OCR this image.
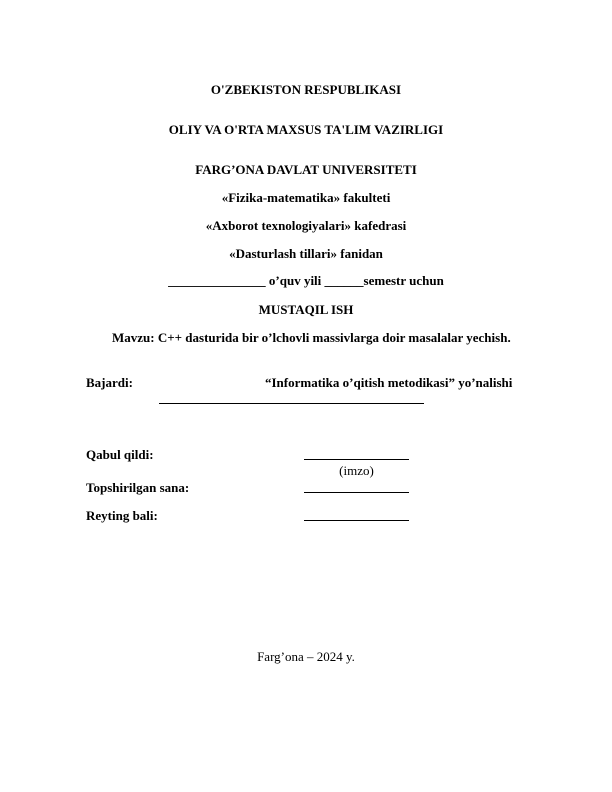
O'ZBEKISTON RESPUBLIKASI
OLIY VA O'RTA MAXSUS TA'LIM VAZIRLIGI
FARG’ONA DAVLAT UNIVERSITETI
«Fizika-matematika» fakulteti
«Axborot texnologiyalari» kafedrasi
«Dasturlash tillari» fanidan
_______________ o’quv yili ______semestr uchun
MUSTAQIL ISH
Mavzu: C++ dasturida bir o’lchovli massivlarga doir masalalar yechish.
Bajardi:	“Informatika o’qitish metodikasi” yo’nalishi
Qabul qildi:
(imzo)
Topshirilgan sana:
Reyting bali:
Farg’ona – 2024 y.
